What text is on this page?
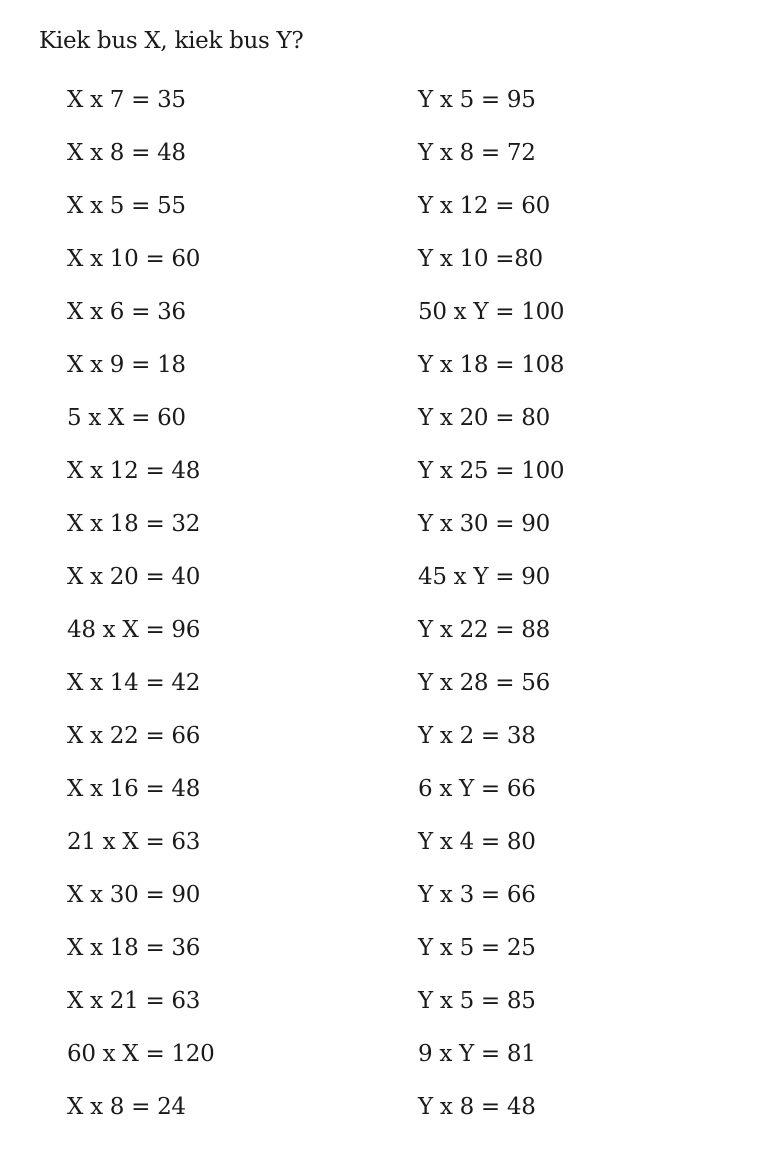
Kiek bus X, kiek bus Y?
X x 7 = 35
X x 8 = 48
X x 5 = 55
X x 10 = 60
X x 6 = 36
X x 9 = 18
5 x X = 60
X x 12 = 48
X x 18 = 32
X x 20 = 40
48 x X = 96
X x 14 = 42
X x 22 = 66
X x 16 = 48
21 x X = 63
X x 30 = 90
X x 18 = 36
X x 21 = 63
60 x X = 120
X x 8 = 24
Y x 5 = 95
Y x 8 = 72
Y x 12 = 60
Y x 10 =80
50 x Y = 100
Y x 18 = 108
Y x 20 = 80
Y x 25 = 100
Y x 30 = 90
45 x Y = 90
Y x 22 = 88
Y x 28 = 56
Y x 2 = 38
6 x Y = 66
Y x 4 = 80
Y x 3 = 66
Y x 5 = 25
Y x 5 = 85
9 x Y = 81
Y x 8 = 48
